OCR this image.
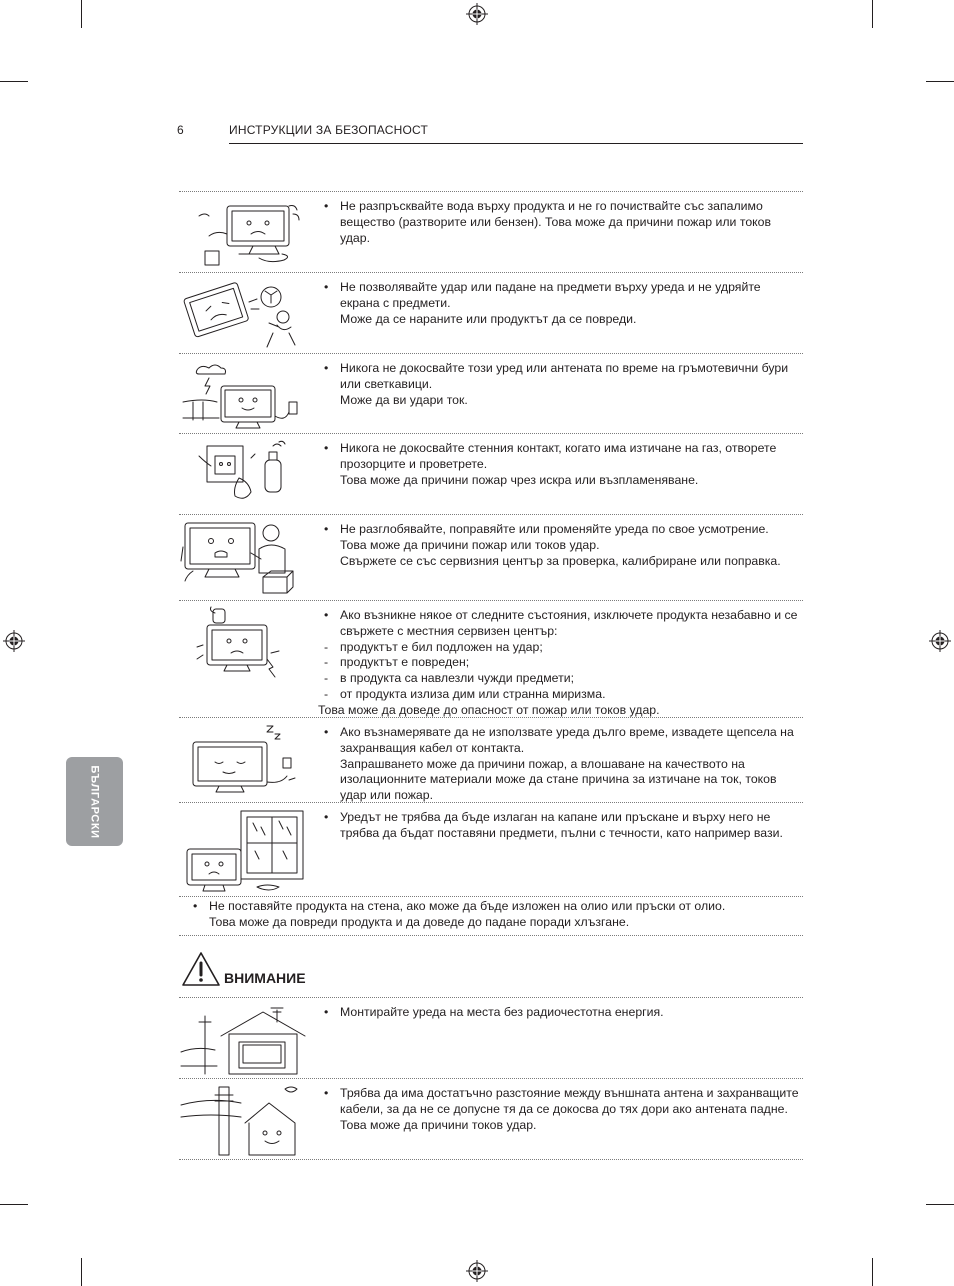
6	ИНСТРУКЦИИ ЗА БЕЗОПАСНОСТ
БЪЛГАРСКИ
• Не разпръсквайте вода върху продукта и не го почиствайте със запалимо вещество (разтворите или бензен). Това може да причини пожар или токов удар.
• Не позволявайте удар или падане на предмети върху уреда и не удряйте екрана с предмети.
Може да се нараните или продуктът да се повреди.
• Никога не докосвайте този уред или антената по време на гръмотевични бури или светкавици.
Може да ви удари ток.
• Никога не докосвайте стенния контакт, когато има изтичане на газ, отворете прозорците и проветрете.
Това може да причини пожар чрез искра или възпламеняване.
• Не разглобявайте, поправяйте или променяйте уреда по свое усмотрение.
Това може да причини пожар или токов удар.
Свържете се със сервизния център за проверка, калибриране или поправка.
• Ако възникне някое от следните състояния, изключете продукта незабавно и се свържете с местния сервизен център:
- продуктът е бил подложен на удар;
- продуктът е повреден;
- в продукта са навлезли чужди предмети;
- от продукта излиза дим или странна миризма.
Това може да доведе до опасност от пожар или токов удар.
• Ако възнамерявате да не използвате уреда дълго време, извадете щепсела на захранващия кабел от контакта.
Запрашването може да причини пожар, а влошаване на качеството на изолационните материали може да стане причина за изтичане на ток, токов удар или пожар.
• Уредът не трябва да бъде излаган на капане или пръскане и върху него не трябва да бъдат поставяни предмети, пълни с течности, като например вази.
• Не поставяйте продукта на стена, ако може да бъде изложен на олио или пръски от олио.
Това може да повреди продукта и да доведе до падане поради хлъзгане.
ВНИМАНИЕ
• Монтирайте уреда на места без радиочестотна енергия.
• Трябва да има достатъчно разстояние между външната антена и захранващите кабели, за да не се допусне тя да се докосва до тях дори ако антената падне.
Това може да причини токов удар.
